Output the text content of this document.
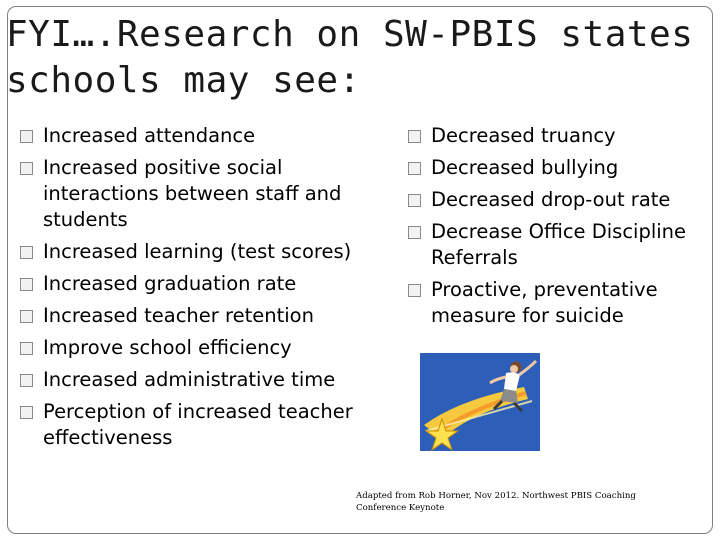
FYI….Research on SW-PBIS states
schools may see:
Increased attendance
Increased positive social interactions between staff and students
Increased learning (test scores)
Increased graduation rate
Increased teacher retention
Improve school efficiency
Increased administrative time
Perception of increased teacher effectiveness
Decreased truancy
Decreased bullying
Decreased drop-out rate
Decrease Office Discipline Referrals
Proactive, preventative measure for suicide
Adapted from Rob Horner, Nov 2012. Northwest PBIS Coaching
Conference Keynote
